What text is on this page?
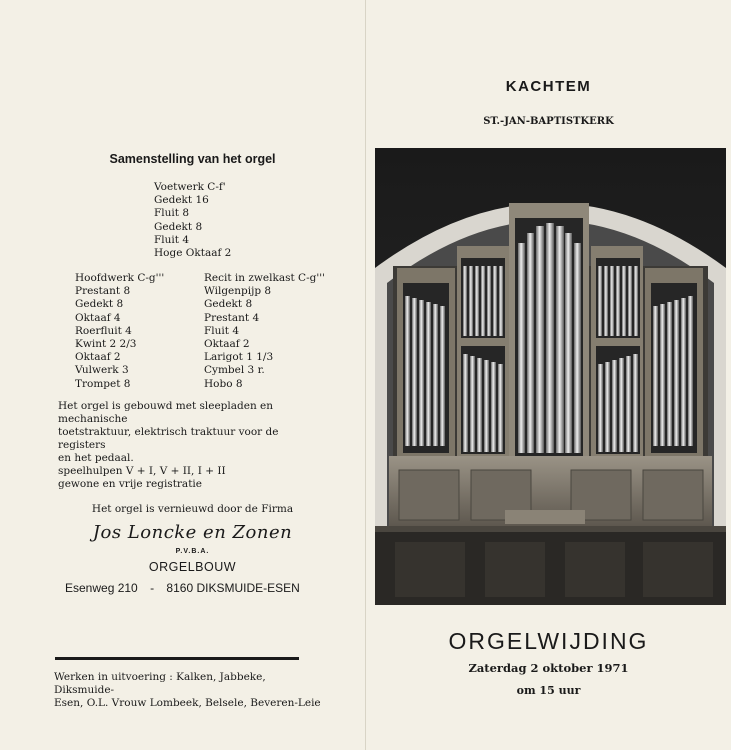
Samenstelling van het orgel
Voetwerk C-f'
Gedekt 16
Fluit 8
Gedekt 8
Fluit 4
Hoge Oktaaf 2
Hoofdwerk C-g'''
Prestant 8
Gedekt 8
Oktaaf 4
Roerfluit 4
Kwint 2 2/3
Oktaaf 2
Vulwerk 3
Trompet 8
Recit in zwelkast C-g'''
Wilgenpijp 8
Gedekt 8
Prestant 4
Fluit 4
Oktaaf 2
Larigot 1 1/3
Cymbel 3 r.
Hobo 8
Het orgel is gebouwd met sleepladen en mechanische
toetstraktuur, elektrisch traktuur voor de registers
en het pedaal.
speelhulpen V + I, V + II, I + II
gewone en vrije registratie
Het orgel is vernieuwd door de Firma
Jos Loncke en Zonen
P.V.B.A.
ORGELBOUW
Esenweg 210 - 8160 DIKSMUIDE-ESEN
Werken in uitvoering : Kalken, Jabbeke, Diksmuide-
Esen, O.L. Vrouw Lombeek, Belsele, Beveren-Leie
KACHTEM
ST.-JAN-BAPTISTKERK
ORGELWIJDING
Zaterdag 2 oktober 1971
om 15 uur
